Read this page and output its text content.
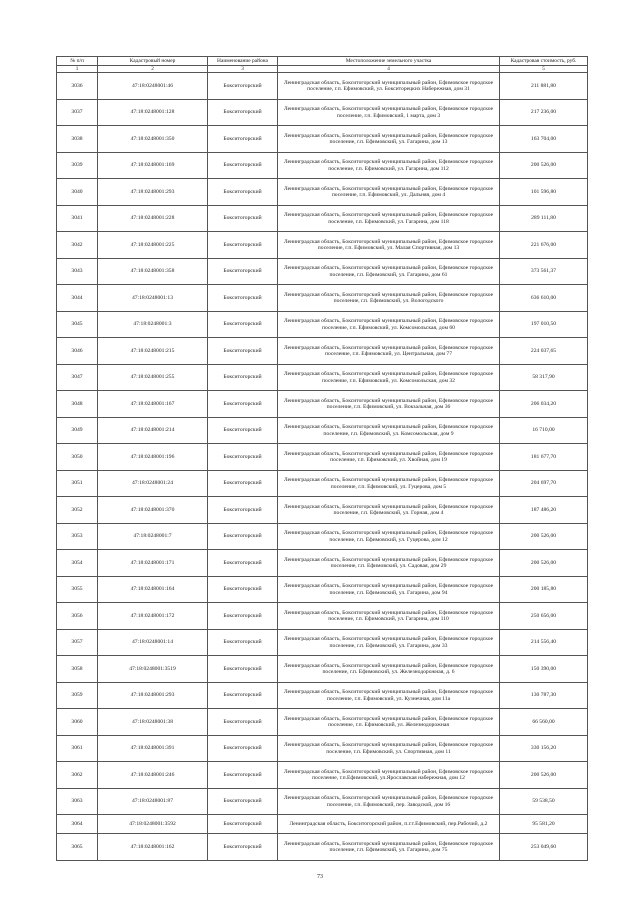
№ п/п	Кадастровый номер	Наименование района	Местоположение земельного участка	Кадастровая стоимость, руб.
1	2	3	4	5
3036	47:18:0248001:46	Бокситогорский	Ленинградская область, Бокситогорский муниципальный район, Ефимовское городское поселение, г.п. Ефимовский, ул. Бокситорецких Набережная, дом 31	211 881,80
3037	47:18:0248001:128	Бокситогорский	Ленинградская область, Бокситогорский муниципальный район, Ефимовское городское поселение, г.п. Ефимовский, 1 марта, дом 3	217 236,00
3038	47:18:0248001:350	Бокситогорский	Ленинградская область, Бокситогорский муниципальный район, Ефимовское городское поселение, г.п. Ефимовский, ул. Гагарина, дом 13	163 704,00
3039	47:18:0248001:169	Бокситогорский	Ленинградская область, Бокситогорский муниципальный район, Ефимовское городское поселение, г.п. Ефимовский, ул. Гагарина, дом 112	200 526,00
3040	47:18:0248001:293	Бокситогорский	Ленинградская область, Бокситогорский муниципальный район, Ефимовское городское поселение, г.п. Ефимовский, ул. Дальняя, дом 4	101 596,80
3041	47:18:0248001:228	Бокситогорский	Ленинградская область, Бокситогорский муниципальный район, Ефимовское городское поселение, г.п. Ефимовский, ул. Гагарина, дом 118	289 111,80
3042	47:18:0248001:225	Бокситогорский	Ленинградская область, Бокситогорский муниципальный район, Ефимовское городское поселение, г.п. Ефимовский, ул. Малая Спортивная, дом 13	221 676,00
3043	47:18:0248001:358	Бокситогорский	Ленинградская область, Бокситогорский муниципальный район, Ефимовское городское поселение, г.п. Ефимовский, ул. Гагарина, дом 61	373 561,37
3044	47:18:0248001:13	Бокситогорский	Ленинградская область, Бокситогорский муниципальный район, Ефимовское городское поселение, г.п. Ефимовский, ул. Вологодского	636 610,00
3045	47:18:0248001:3	Бокситогорский	Ленинградская область, Бокситогорский муниципальный район, Ефимовское городское поселение, г.п. Ефимовский, ул. Комсомольская, дом 60	197 010,50
3046	47:18:0248001:215	Бокситогорский	Ленинградская область, Бокситогорский муниципальный район, Ефимовское городское поселение, г.п. Ефимовский, ул. Центральная, дом 77	224 037,65
3047	47:18:0248001:255	Бокситогорский	Ленинградская область, Бокситогорский муниципальный район, Ефимовское городское поселение, г.п. Ефимовский, ул. Комсомольская, дом 32	58 317,90
3048	47:18:0248001:167	Бокситогорский	Ленинградская область, Бокситогорский муниципальный район, Ефимовское городское поселение, г.п. Ефимовский, ул. Вокзальная, дом 36	206 034,20
3049	47:18:0248001:214	Бокситогорский	Ленинградская область, Бокситогорский муниципальный район, Ефимовское городское поселение, г.п. Ефимовский, ул. Комсомольская, дом 9	16 710,00
3050	47:18:0248001:196	Бокситогорский	Ленинградская область, Бокситогорский муниципальный район, Ефимовское городское поселение, г.п. Ефимовский, ул. Хвойная, дом 19	181 677,70
3051	47:18:0248001:24	Бокситогорский	Ленинградская область, Бокситогорский муниципальный район, Ефимовское городское поселение, г.п. Ефимовский, ул. Гуцерова, дом 5	204 697,70
3052	47:18:0248001:370	Бокситогорский	Ленинградская область, Бокситогорский муниципальный район, Ефимовское городское поселение, г.п. Ефимовский, ул. Горная, дом 4	187 486,20
3053	47:18:0248001:7	Бокситогорский	Ленинградская область, Бокситогорский муниципальный район, Ефимовское городское поселение, г.п. Ефимовский, ул. Гуцерова, дом 12	200 526,00
3054	47:18:0248001:171	Бокситогорский	Ленинградская область, Бокситогорский муниципальный район, Ефимовское городское поселение, г.п. Ефимовский, ул. Садовая, дом 29	200 526,00
3055	47:18:0248001:164	Бокситогорский	Ленинградская область, Бокситогорский муниципальный район, Ефимовское городское поселение, г.п. Ефимовский, ул. Гагарина, дом 94	200 185,80
3056	47:18:0248001:172	Бокситогорский	Ленинградская область, Бокситогорский муниципальный район, Ефимовское городское поселение, г.п. Ефимовский, ул. Гагарина, дом 110	250 656,00
3057	47:18:0248001:14	Бокситогорский	Ленинградская область, Бокситогорский муниципальный район, Ефимовское городское поселение, г.п. Ефимовский, ул. Гагарина, дом 33	214 556,40
3058	47:18:0248001:3519	Бокситогорский	Ленинградская область, Бокситогорский муниципальный район, Ефимовское городское поселение, г.п. Ефимовский, ул. Железнодорожная, д. 6	150 390,00
3059	47:18:0248001:293	Бокситогорский	Ленинградская область, Бокситогорский муниципальный район, Ефимовское городское поселение, г.п. Ефимовский, ул. Кузнечная, дом 11а	130 787,30
3060	47:18:0248001:38	Бокситогорский	Ленинградская область, Бокситогорский муниципальный район, Ефимовское городское поселение, г.п. Ефимовский, ул. Железнодорожная	66 560,00
3061	47:18:0248001:391	Бокситогорский	Ленинградская область, Бокситогорский муниципальный район, Ефимовское городское поселение, г.п. Ефимовский, ул. Спортивная, дом 11	330 156,20
3062	47:18:0248001:246	Бокситогорский	Ленинградская область, Бокситогорский муниципальный район, Ефимовское городское поселение, г.п.Ефимовский, ул.Ярославская набережная, дом 12	200 526,00
3063	47:18:0248001:87	Бокситогорский	Ленинградская область, Бокситогорский муниципальный район, Ефимовское городское поселение, г.п. Ефимовский, пер. Заводской, дом 16	59 538,50
3064	47:18:0248001:3592	Бокситогорский	Ленинградская область, Бокситогорский район, п.г.т.Ефимовский, пер.Рабочий, д.2	95 581,20
3065	47:18:0248001:162	Бокситогорский	Ленинградская область, Бокситогорский муниципальный район, Ефимовское городское поселение, г.п. Ефимовский, ул. Гагарина, дом 75	253 049,60
73
